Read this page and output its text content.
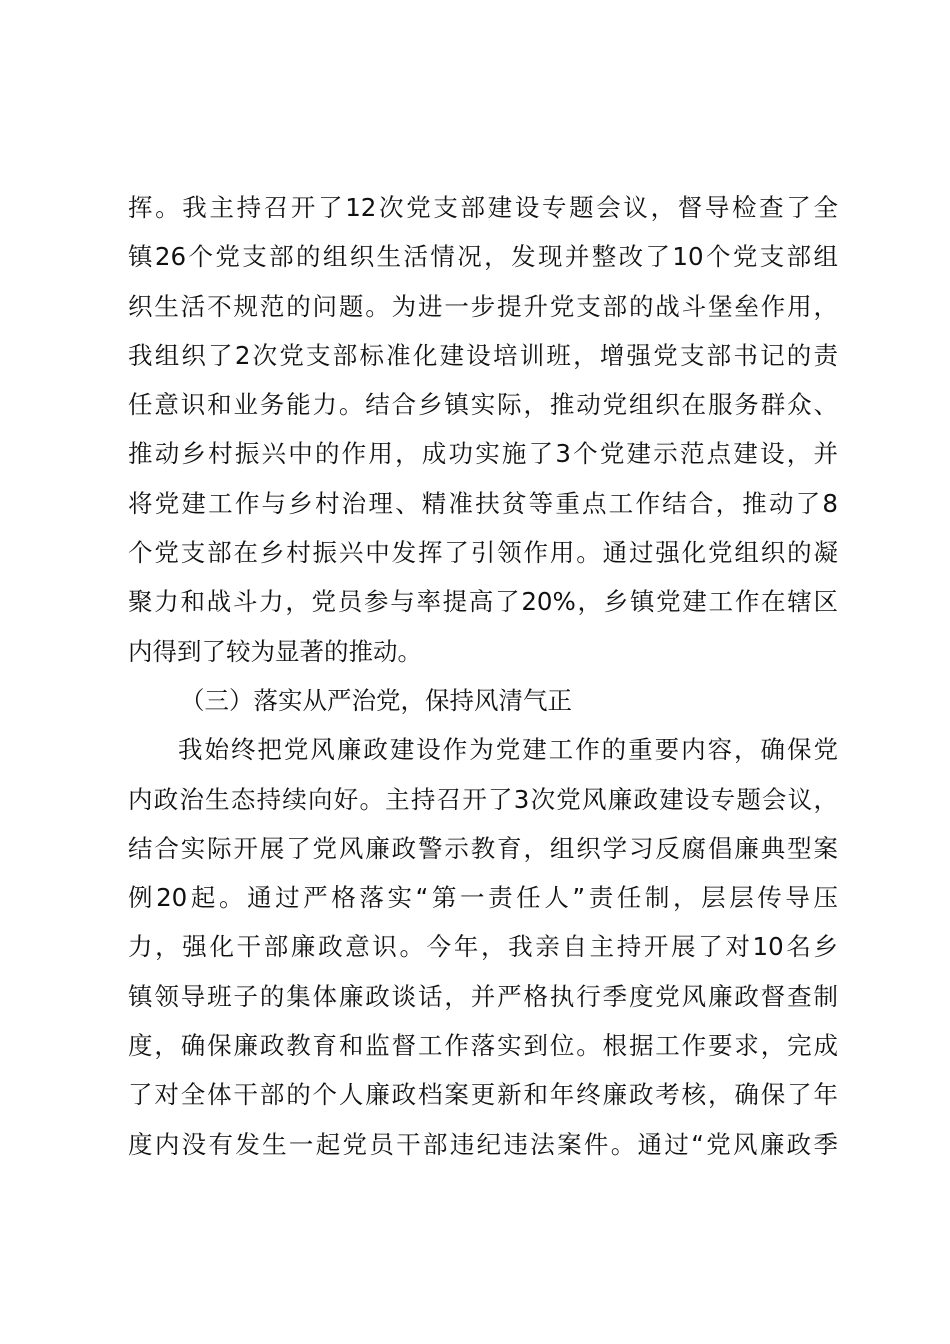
挥。我主持召开了12次党支部建设专题会议，督导检查了全
镇26个党支部的组织生活情况，发现并整改了10个党支部组
织生活不规范的问题。为进一步提升党支部的战斗堡垒作用，
我组织了2次党支部标准化建设培训班，增强党支部书记的责
任意识和业务能力。结合乡镇实际，推动党组织在服务群众、
推动乡村振兴中的作用，成功实施了3个党建示范点建设，并
将党建工作与乡村治理、精准扶贫等重点工作结合，推动了8
个党支部在乡村振兴中发挥了引领作用。通过强化党组织的凝
聚力和战斗力，党员参与率提高了20%，乡镇党建工作在辖区
内得到了较为显著的推动。
（三）落实从严治党，保持风清气正
我始终把党风廉政建设作为党建工作的重要内容，确保党
内政治生态持续向好。主持召开了3次党风廉政建设专题会议，
结合实际开展了党风廉政警示教育，组织学习反腐倡廉典型案
例20起。通过严格落实“第一责任人”责任制，层层传导压
力，强化干部廉政意识。今年，我亲自主持开展了对10名乡
镇领导班子的集体廉政谈话，并严格执行季度党风廉政督查制
度，确保廉政教育和监督工作落实到位。根据工作要求，完成
了对全体干部的个人廉政档案更新和年终廉政考核，确保了年
度内没有发生一起党员干部违纪违法案件。通过“党风廉政季
